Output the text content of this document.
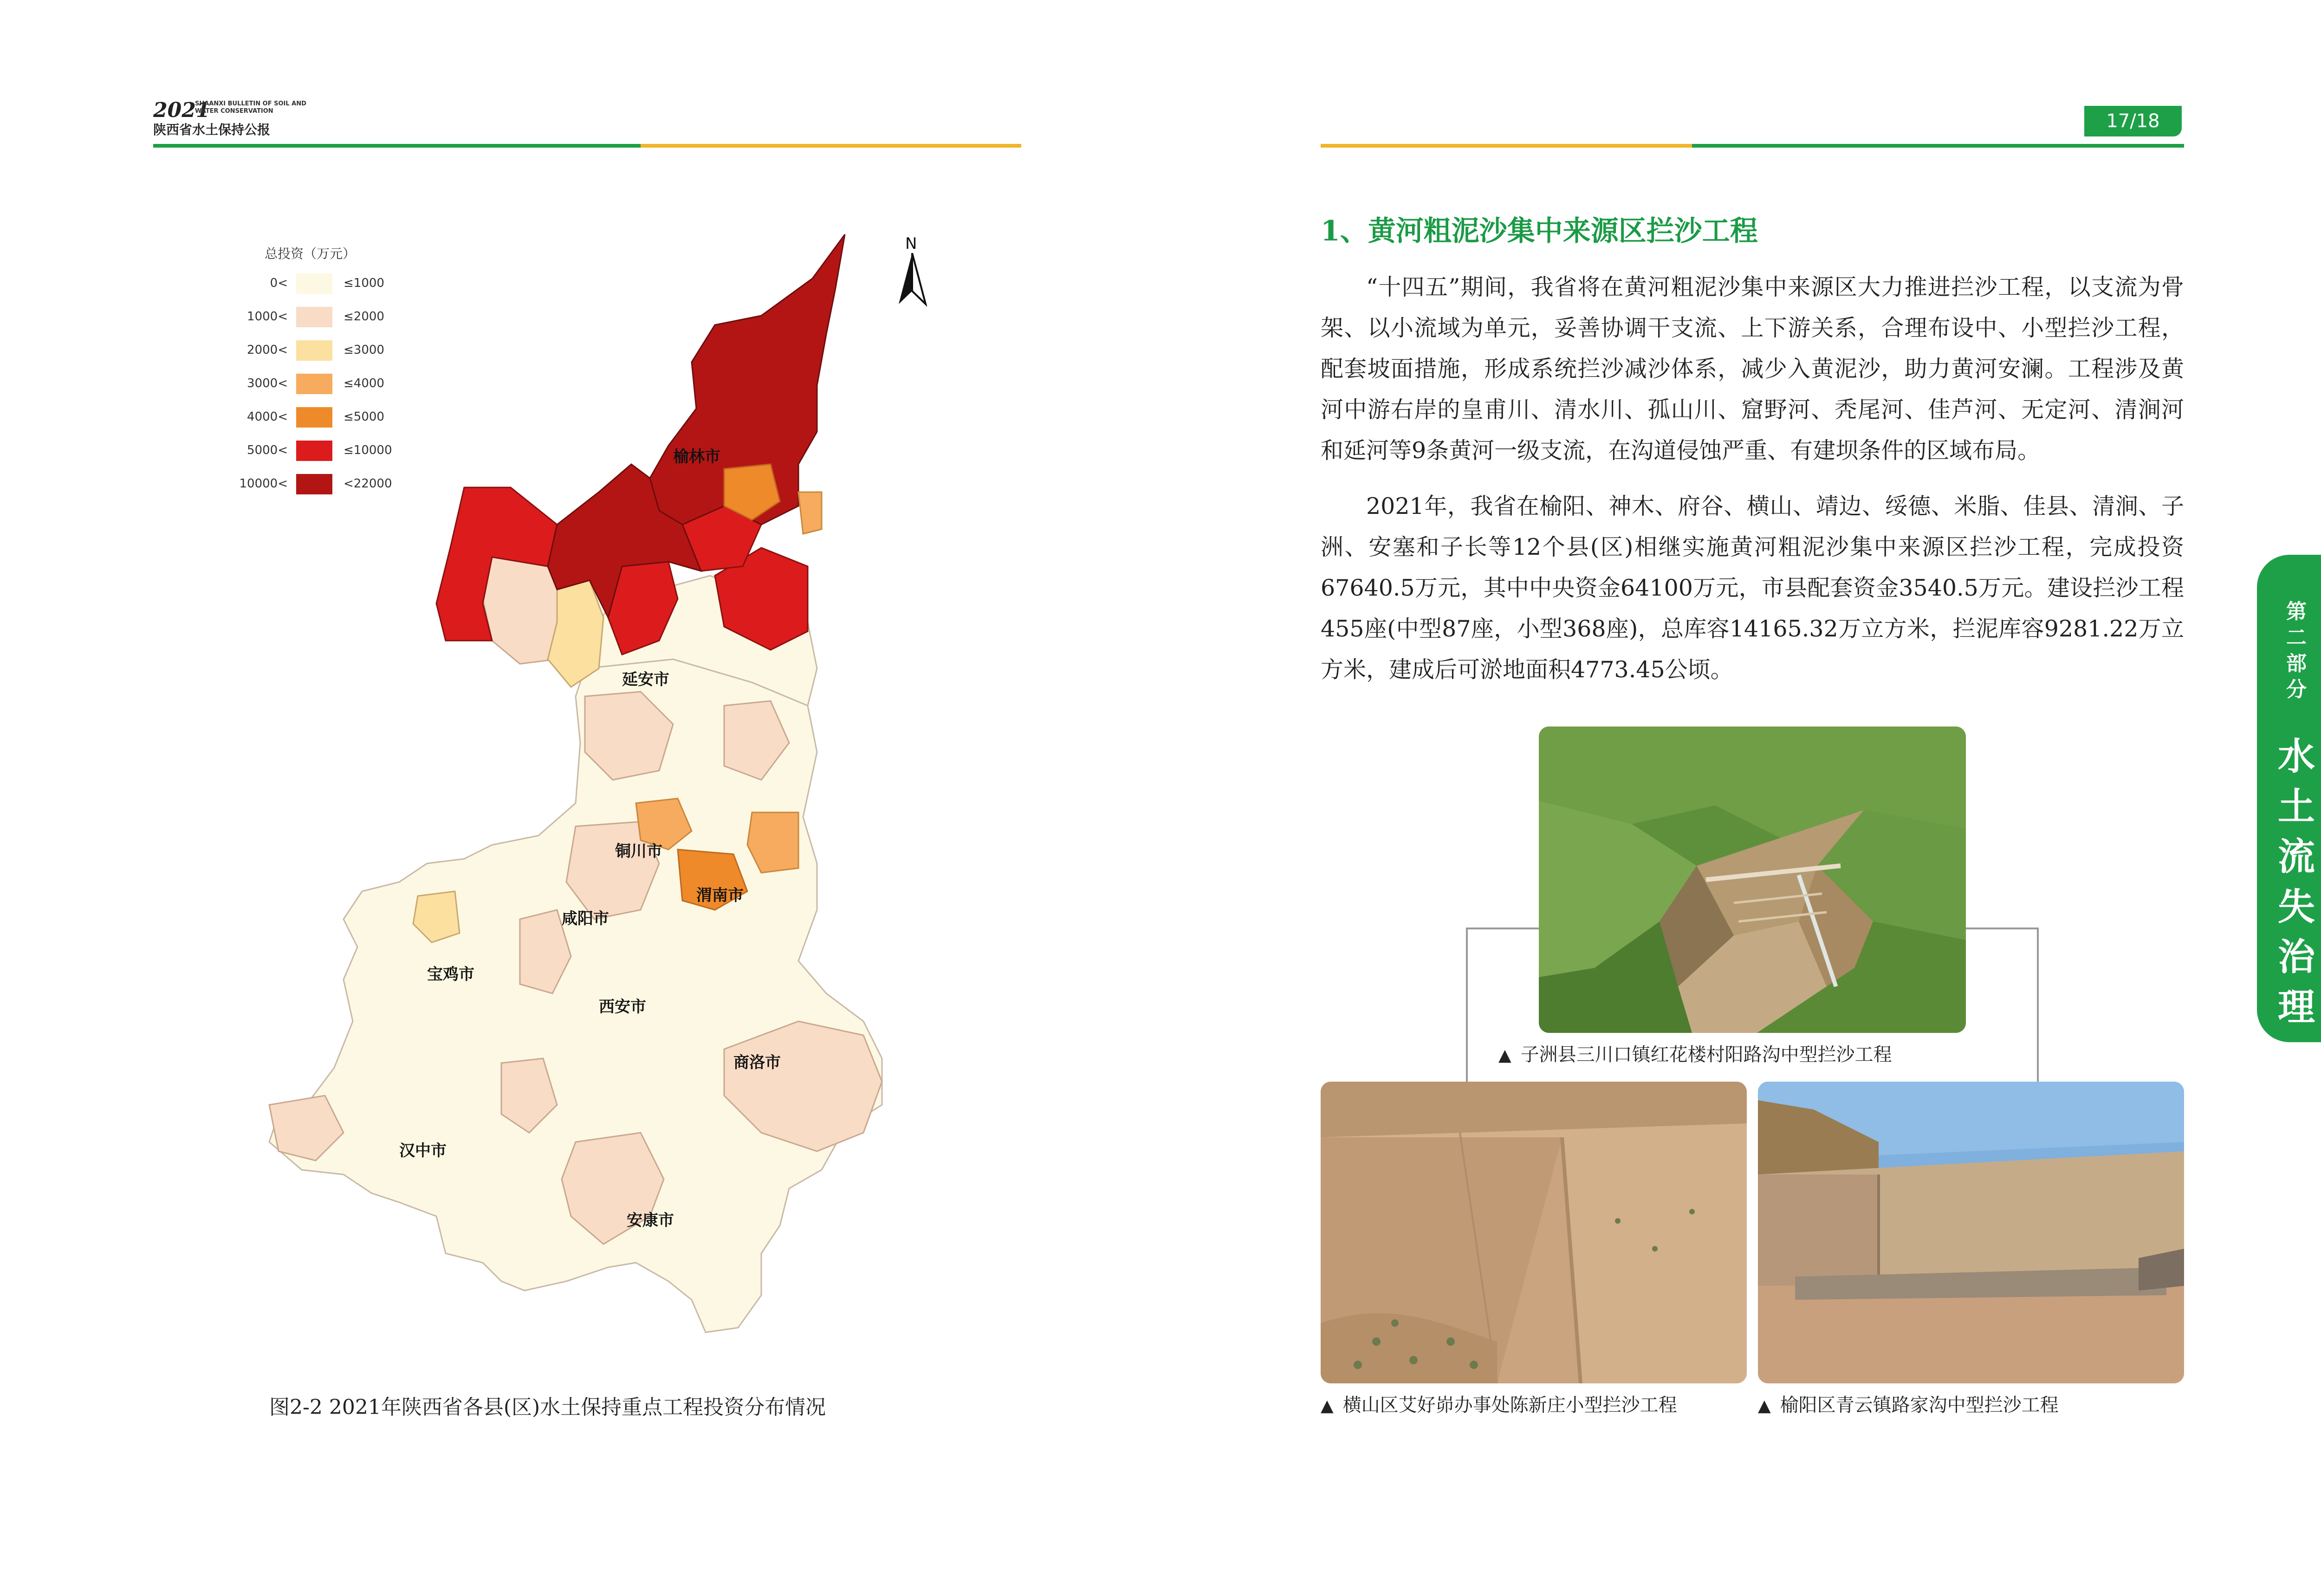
2021
SHAANXI BULLETIN OF SOIL AND WATER CONSERVATION
陕西省水土保持公报	17/18
总投资（万元）
0<	≤1000
1000<	≤2000
2000<	≤3000
3000<	≤4000
4000<	≤5000
5000<	≤10000
10000<	<22000
N
榆林市
延安市
铜川市
渭南市
咸阳市
宝鸡市
西安市
商洛市
汉中市
安康市
图2-2 2021年陕西省各县(区)水土保持重点工程投资分布情况
1、黄河粗泥沙集中来源区拦沙工程
“十四五”期间，我省将在黄河粗泥沙集中来源区大力推进拦沙工程，以支流为骨架、以小流域为单元，妥善协调干支流、上下游关系，合理布设中、小型拦沙工程，配套坡面措施，形成系统拦沙减沙体系，减少入黄泥沙，助力黄河安澜。工程涉及黄河中游右岸的皇甫川、清水川、孤山川、窟野河、秃尾河、佳芦河、无定河、清涧河和延河等9条黄河一级支流，在沟道侵蚀严重、有建坝条件的区域布局。
2021年，我省在榆阳、神木、府谷、横山、靖边、绥德、米脂、佳县、清涧、子洲、安塞和子长等12个县(区)相继实施黄河粗泥沙集中来源区拦沙工程，完成投资67640.5万元，其中中央资金64100万元，市县配套资金3540.5万元。建设拦沙工程455座(中型87座，小型368座)，总库容14165.32万立方米，拦泥库容9281.22万立方米，建成后可淤地面积4773.45公顷。
▲ 子洲县三川口镇红花楼村阳路沟中型拦沙工程
▲ 横山区艾好峁办事处陈新庄小型拦沙工程	▲ 榆阳区青云镇路家沟中型拦沙工程
第
二
部
分
水
土
流
失
治
理
